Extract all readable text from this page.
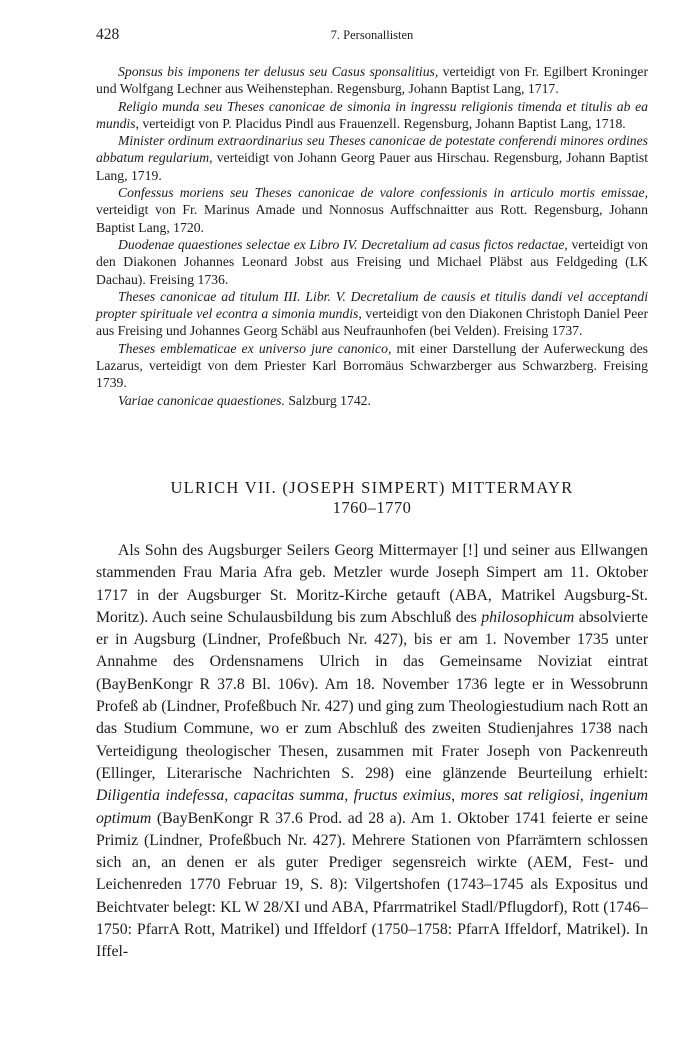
428	7. Personallisten

Sponsus bis imponens ter delusus seu Casus sponsalitius, verteidigt von Fr. Egilbert Kroninger und Wolfgang Lechner aus Weihenstephan. Regensburg, Johann Baptist Lang, 1717.

Religio munda seu Theses canonicae de simonia in ingressu religionis timenda et titulis ab ea mundis, verteidigt von P. Placidus Pindl aus Frauenzell. Regensburg, Johann Baptist Lang, 1718.

Minister ordinum extraordinarius seu Theses canonicae de potestate conferendi minores ordines abbatum regularium, verteidigt von Johann Georg Pauer aus Hirschau. Regensburg, Johann Baptist Lang, 1719.

Confessus moriens seu Theses canonicae de valore confessionis in articulo mortis emissae, verteidigt von Fr. Marinus Amade und Nonnosus Auffschnaitter aus Rott. Regensburg, Johann Baptist Lang, 1720.

Duodenae quaestiones selectae ex Libro IV. Decretalium ad casus fictos redactae, verteidigt von den Diakonen Johannes Leonard Jobst aus Freising und Michael Pläbst aus Feldgeding (LK Dachau). Freising 1736.

Theses canonicae ad titulum III. Libr. V. Decretalium de causis et titulis dandi vel acceptandi propter spirituale vel econtra a simonia mundis, verteidigt von den Diakonen Christoph Daniel Peer aus Freising und Johannes Georg Schäbl aus Neufraunhofen (bei Velden). Freising 1737.

Theses emblematicae ex universo jure canonico, mit einer Darstellung der Auferweckung des Lazarus, verteidigt von dem Priester Karl Borromäus Schwarzberger aus Schwarzberg. Freising 1739.

Variae canonicae quaestiones. Salzburg 1742.

ULRICH VII. (JOSEPH SIMPERT) MITTERMAYR
1760–1770

Als Sohn des Augsburger Seilers Georg Mittermayer [!] und seiner aus Ellwangen stammenden Frau Maria Afra geb. Metzler wurde Joseph Simpert am 11. Oktober 1717 in der Augsburger St. Moritz-Kirche getauft (ABA, Matrikel Augsburg-St. Moritz). Auch seine Schulausbildung bis zum Abschluß des philosophicum absolvierte er in Augsburg (Lindner, Profeßbuch Nr. 427), bis er am 1. November 1735 unter Annahme des Ordensnamens Ulrich in das Gemeinsame Noviziat eintrat (BayBenKongr R 37.8 Bl. 106v). Am 18. November 1736 legte er in Wessobrunn Profeß ab (Lindner, Profeßbuch Nr. 427) und ging zum Theologiestudium nach Rott an das Studium Commune, wo er zum Abschluß des zweiten Studienjahres 1738 nach Verteidigung theologischer Thesen, zusammen mit Frater Joseph von Packenreuth (Ellinger, Literarische Nachrichten S. 298) eine glänzende Beurteilung erhielt: Diligentia indefessa, capacitas summa, fructus eximius, mores sat religiosi, ingenium optimum (BayBenKongr R 37.6 Prod. ad 28 a). Am 1. Oktober 1741 feierte er seine Primiz (Lindner, Profeßbuch Nr. 427). Mehrere Stationen von Pfarrämtern schlossen sich an, an denen er als guter Prediger segensreich wirkte (AEM, Fest- und Leichenreden 1770 Februar 19, S. 8): Vilgertshofen (1743–1745 als Expositus und Beichtvater belegt: KL W 28/XI und ABA, Pfarrmatrikel Stadl/Pflugdorf), Rott (1746–1750: PfarrA Rott, Matrikel) und Iffeldorf (1750–1758: PfarrA Iffeldorf, Matrikel). In Iffel-
